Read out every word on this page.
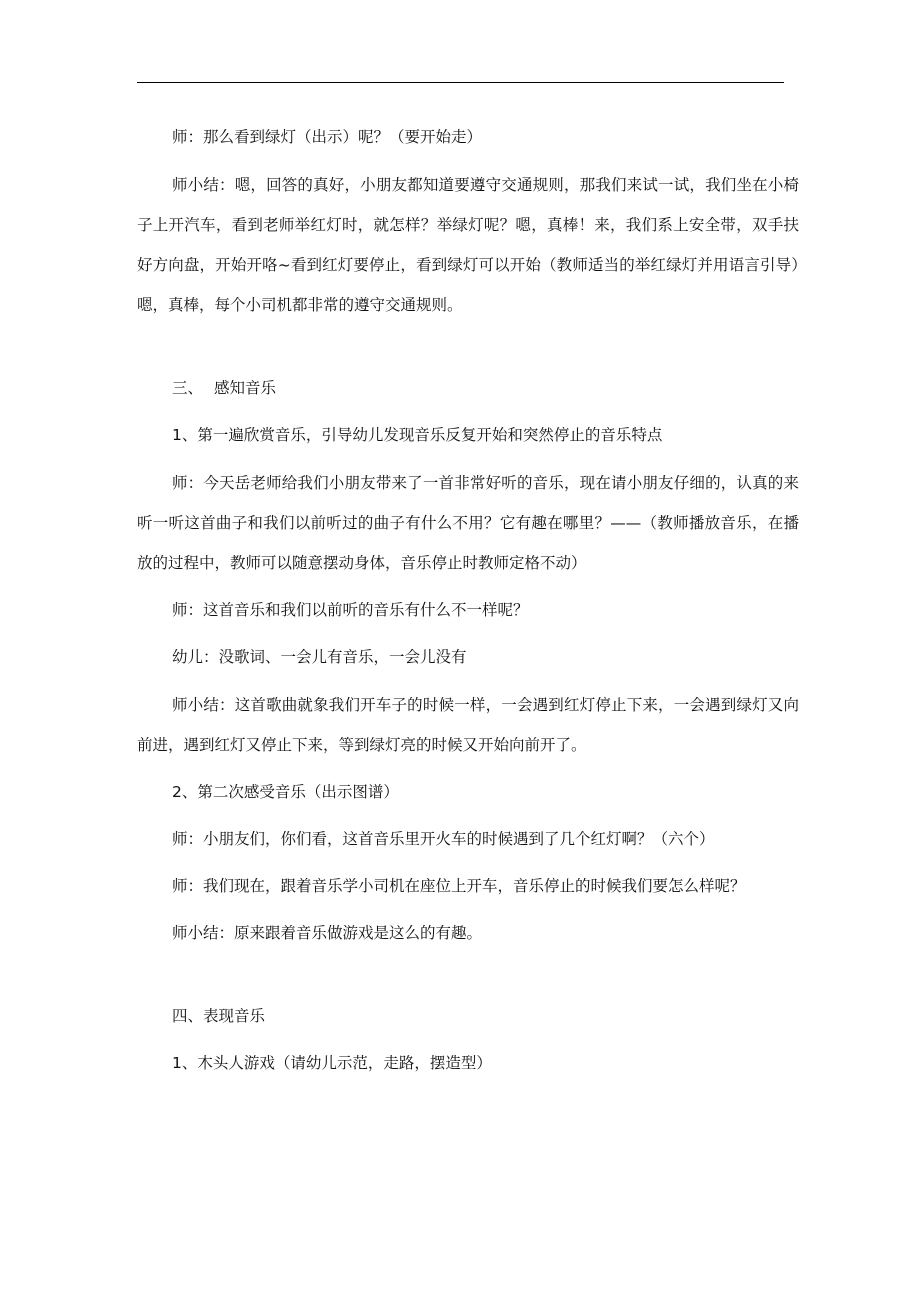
师：那么看到绿灯（出示）呢？（要开始走）

师小结：嗯，回答的真好，小朋友都知道要遵守交通规则，那我们来试一试，我们坐在小椅子上开汽车，看到老师举红灯时，就怎样？举绿灯呢？嗯，真棒！来，我们系上安全带，双手扶好方向盘，开始开咯~看到红灯要停止，看到绿灯可以开始（教师适当的举红绿灯并用语言引导）嗯，真棒，每个小司机都非常的遵守交通规则。

三、 感知音乐

1、第一遍欣赏音乐，引导幼儿发现音乐反复开始和突然停止的音乐特点

师：今天岳老师给我们小朋友带来了一首非常好听的音乐，现在请小朋友仔细的，认真的来听一听这首曲子和我们以前听过的曲子有什么不用？它有趣在哪里？——（教师播放音乐，在播放的过程中，教师可以随意摆动身体，音乐停止时教师定格不动）

师：这首音乐和我们以前听的音乐有什么不一样呢？

幼儿：没歌词、一会儿有音乐，一会儿没有

师小结：这首歌曲就象我们开车子的时候一样，一会遇到红灯停止下来，一会遇到绿灯又向前进，遇到红灯又停止下来，等到绿灯亮的时候又开始向前开了。

2、第二次感受音乐（出示图谱）

师：小朋友们，你们看，这首音乐里开火车的时候遇到了几个红灯啊？（六个）

师：我们现在，跟着音乐学小司机在座位上开车，音乐停止的时候我们要怎么样呢？

师小结：原来跟着音乐做游戏是这么的有趣。

四、表现音乐

1、木头人游戏（请幼儿示范，走路，摆造型）
